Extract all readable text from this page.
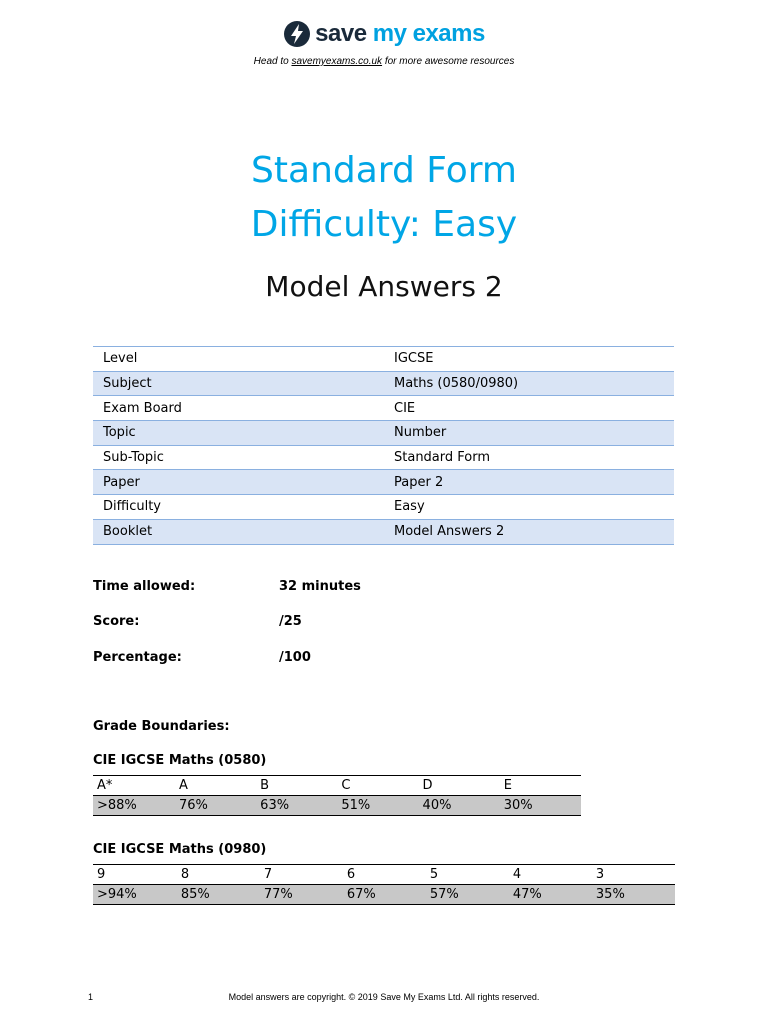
save my exams
Head to savemyexams.co.uk for more awesome resources
Standard Form
Difficulty: Easy
Model Answers 2
Level	IGCSE
Subject	Maths (0580/0980)
Exam Board	CIE
Topic	Number
Sub-Topic	Standard Form
Paper	Paper 2
Difficulty	Easy
Booklet	Model Answers 2
Time allowed:	32 minutes
Score:	/25
Percentage:	/100
Grade Boundaries:
CIE IGCSE Maths (0580)
A*	A	B	C	D	E
>88%	76%	63%	51%	40%	30%
CIE IGCSE Maths (0980)
9	8	7	6	5	4	3
>94%	85%	77%	67%	57%	47%	35%
Model answers are copyright. © 2019 Save My Exams Ltd. All rights reserved.
1
